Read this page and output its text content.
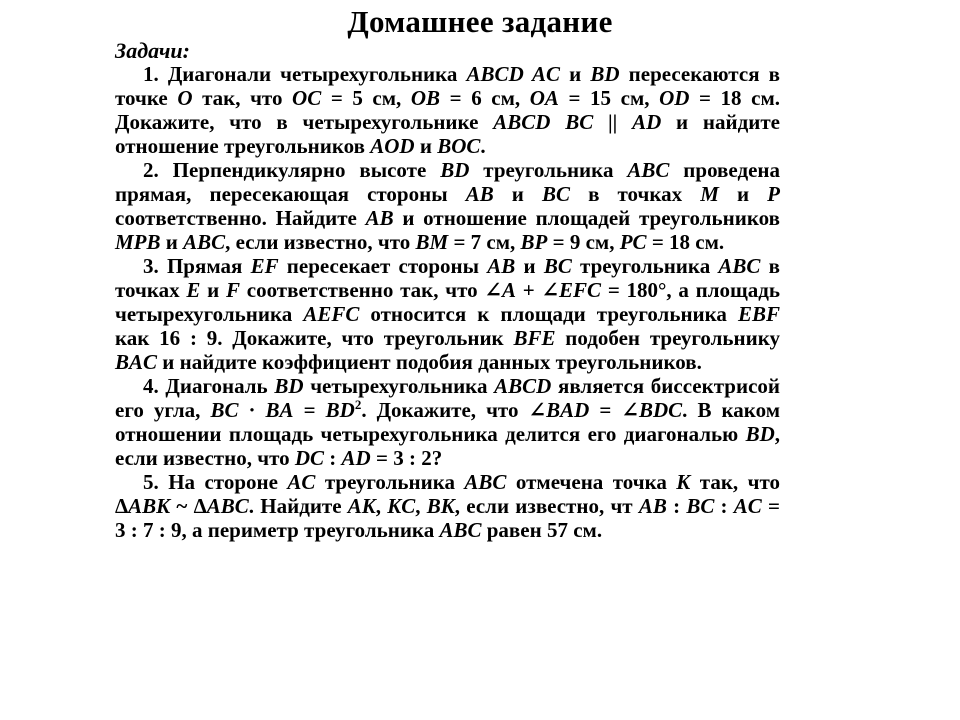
Домашнее задание
Задачи:

1. Диагонали четырехугольника ABCD AC и BD пересекаются в точке O так, что OC = 5 см, OB = 6 см, OA = 15 см, OD = 18 см. Докажите, что в четырехугольнике ABCD BC || AD и найдите отношение треугольников AOD и BOC.

2. Перпендикулярно высоте BD треугольника ABC проведена прямая, пересекающая стороны AB и BC в точках M и P соответственно. Найдите AB и отношение площадей треугольников MPB и ABC, если известно, что BM = 7 см, BP = 9 см, PC = 18 см.

3. Прямая EF пересекает стороны AB и BC треугольника ABC в точках E и F соответственно так, что ∠A + ∠EFC = 180°, а площадь четырехугольника AEFC относится к площади треугольника EBF как 16 : 9. Докажите, что треугольник BFE подобен треугольнику BAC и найдите коэффициент подобия данных треугольников.

4. Диагональ BD четырехугольника ABCD является биссектрисой его угла, BC · BA = $BD^2$. Докажите, что ∠BAD = ∠BDC. В каком отношении площадь четырехугольника делится его диагональю BD, если известно, что DC : AD = 3 : 2?

5. На стороне AC треугольника ABC отмечена точка K так, что ΔABK ~ ΔABC. Найдите AK, KC, BK, если известно, чт AB : BC : AC = 3 : 7 : 9, а периметр треугольника ABC равен 57 см.
